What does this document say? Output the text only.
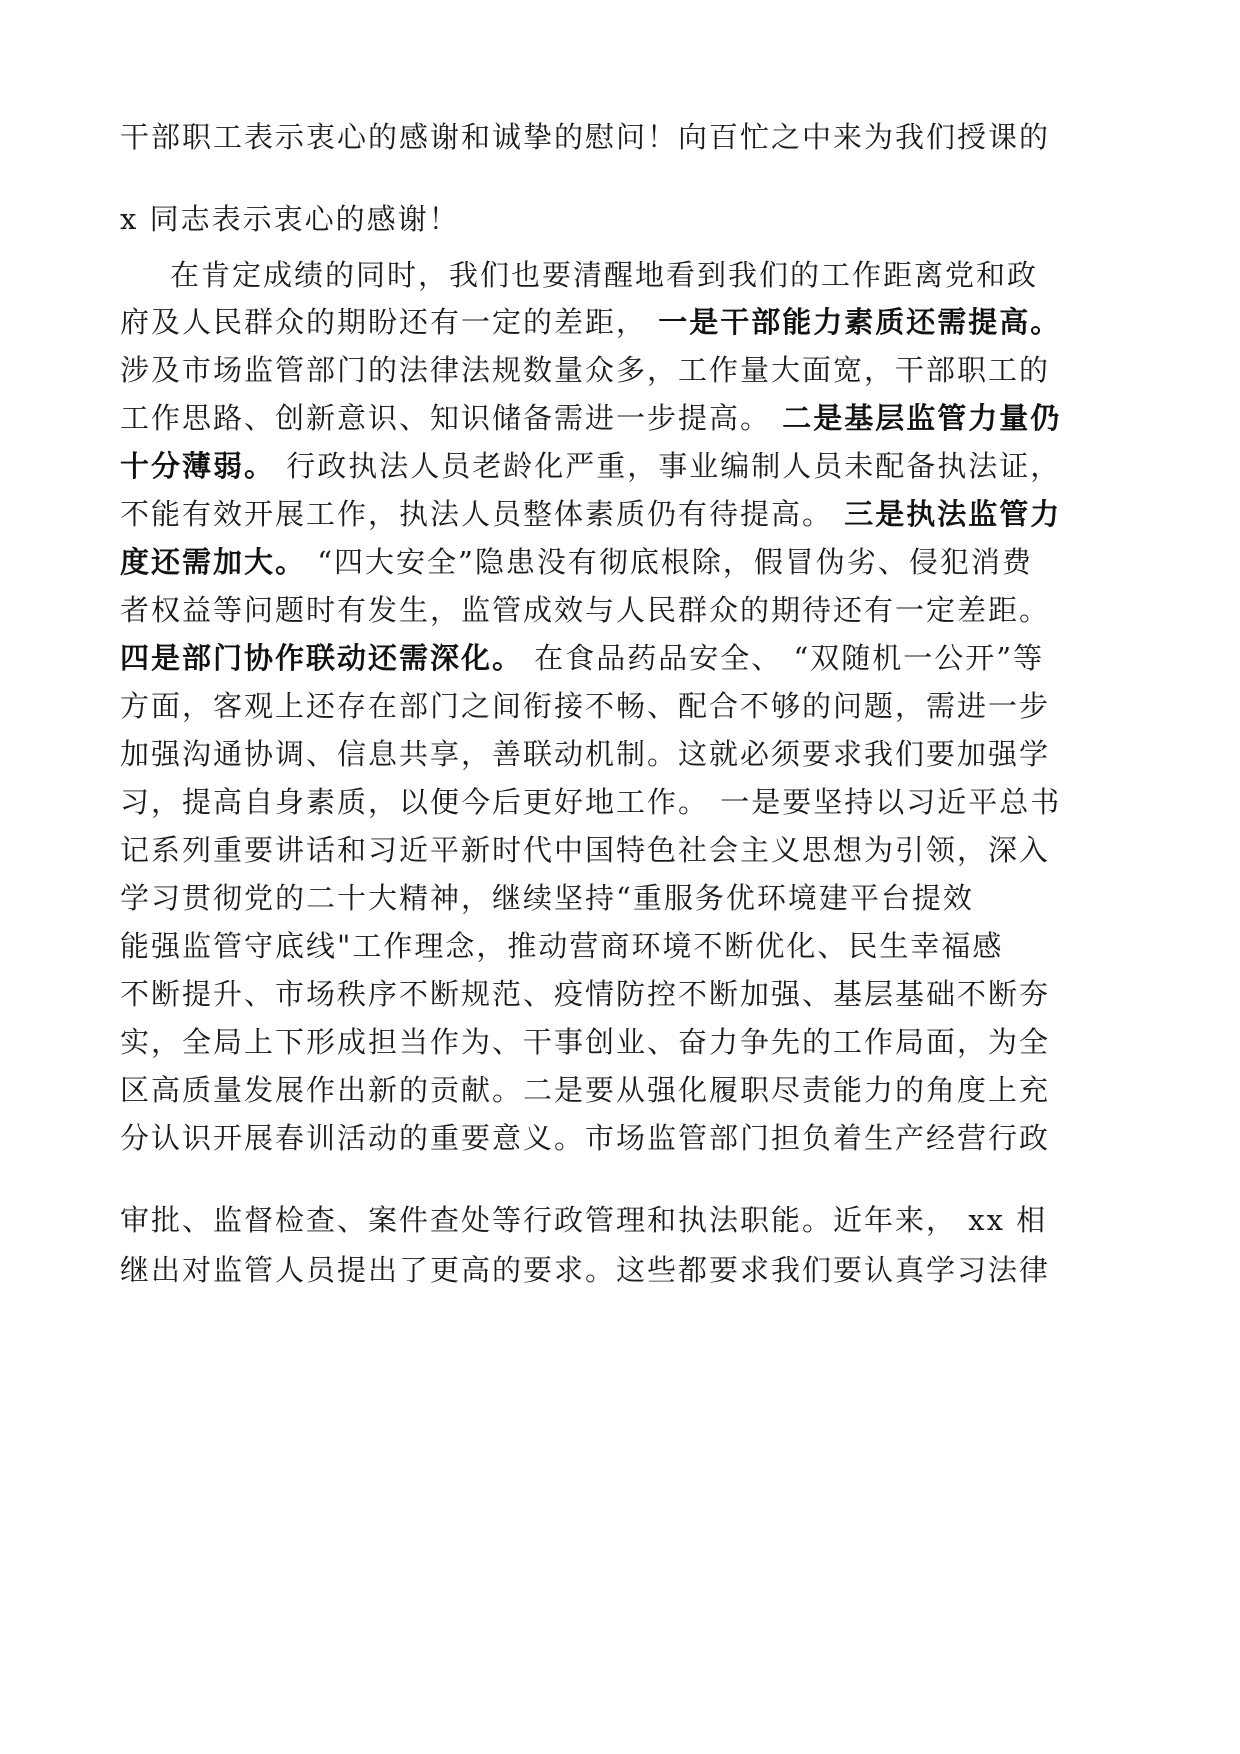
干部职工表示衷心的感谢和诚挚的慰问！向百忙之中来为我们授课的
x 同志表示衷心的感谢！
在肯定成绩的同时，我们也要清醒地看到我们的工作距离党和政
府及人民群众的期盼还有一定的差距， 一是干部能力素质还需提高。
涉及市场监管部门的法律法规数量众多，工作量大面宽，干部职工的
工作思路、创新意识、知识储备需进一步提高。 二是基层监管力量仍
十分薄弱。 行政执法人员老龄化严重，事业编制人员未配备执法证，
不能有效开展工作，执法人员整体素质仍有待提高。 三是执法监管力
度还需加大。 “四大安全”隐患没有彻底根除，假冒伪劣、侵犯消费
者权益等问题时有发生，监管成效与人民群众的期待还有一定差距。
四是部门协作联动还需深化。 在食品药品安全、 “双随机一公开”等
方面，客观上还存在部门之间衔接不畅、配合不够的问题，需进一步
加强沟通协调、信息共享，善联动机制。这就必须要求我们要加强学
习，提高自身素质，以便今后更好地工作。 一是要坚持以习近平总书
记系列重要讲话和习近平新时代中国特色社会主义思想为引领，深入
学习贯彻党的二十大精神，继续坚持“重服务优环境建平台提效
能强监管守底线"工作理念，推动营商环境不断优化、民生幸福感
不断提升、市场秩序不断规范、疫情防控不断加强、基层基础不断夯
实，全局上下形成担当作为、干事创业、奋力争先的工作局面，为全
区高质量发展作出新的贡献。二是要从强化履职尽责能力的角度上充
分认识开展春训活动的重要意义。市场监管部门担负着生产经营行政
审批、监督检查、案件查处等行政管理和执法职能。近年来， xx 相
继出对监管人员提出了更高的要求。这些都要求我们要认真学习法律
